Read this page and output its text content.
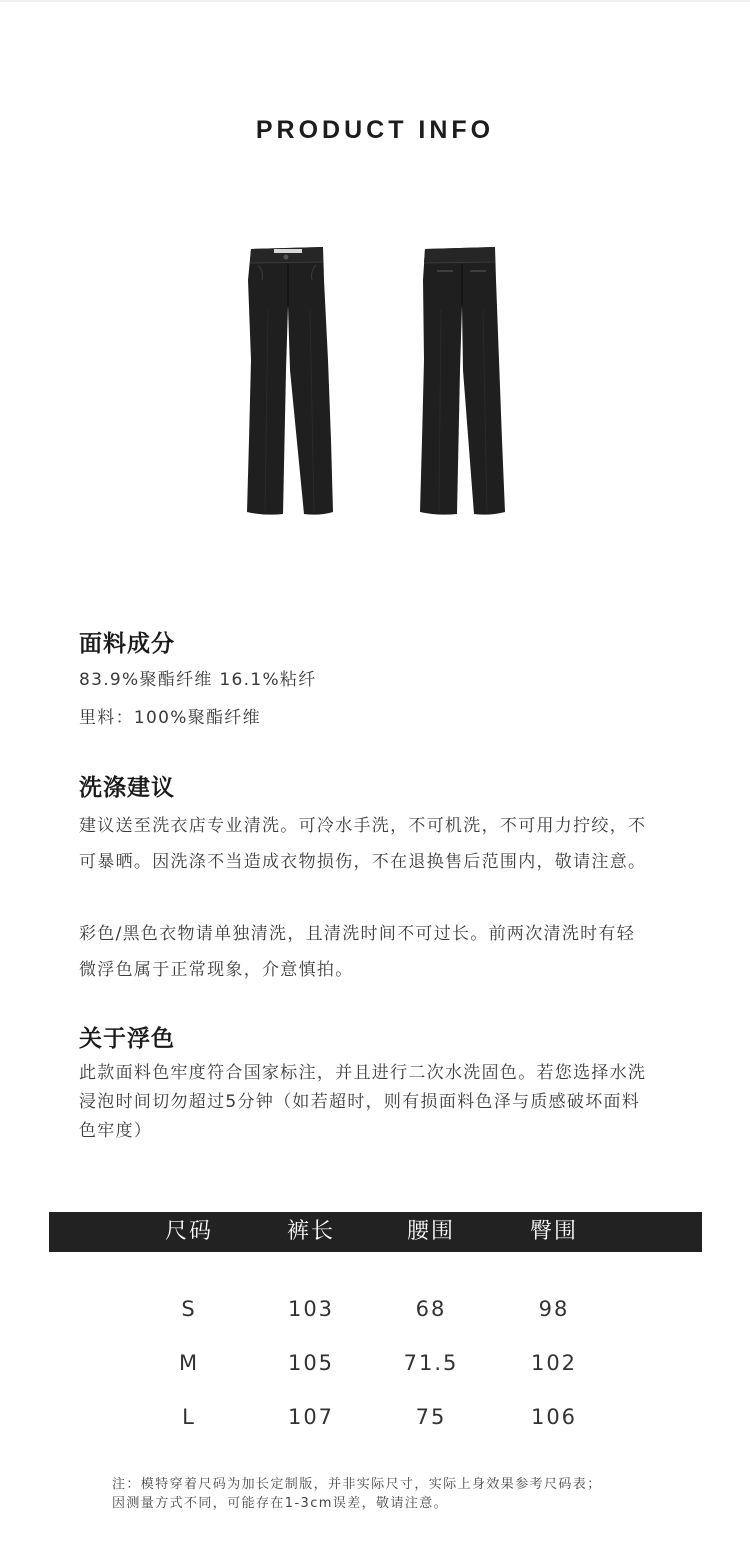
PRODUCT INFO
面料成分
83.9%聚酯纤维 16.1%粘纤
里料：100%聚酯纤维
洗涤建议
建议送至洗衣店专业清洗。可冷水手洗，不可机洗，不可用力拧绞，不
可暴晒。因洗涤不当造成衣物损伤，不在退换售后范围内，敬请注意。
彩色/黑色衣物请单独清洗，且清洗时间不可过长。前两次清洗时有轻
微浮色属于正常现象，介意慎拍。
关于浮色
此款面料色牢度符合国家标注，并且进行二次水洗固色。若您选择水洗
浸泡时间切勿超过5分钟（如若超时，则有损面料色泽与质感破坏面料
色牢度）
尺码	裤长	腰围	臀围
S	103	68	98
M	105	71.5	102
L	107	75	106
注：模特穿着尺码为加长定制版，并非实际尺寸，实际上身效果参考尺码表；
因测量方式不同，可能存在1-3cm误差，敬请注意。
